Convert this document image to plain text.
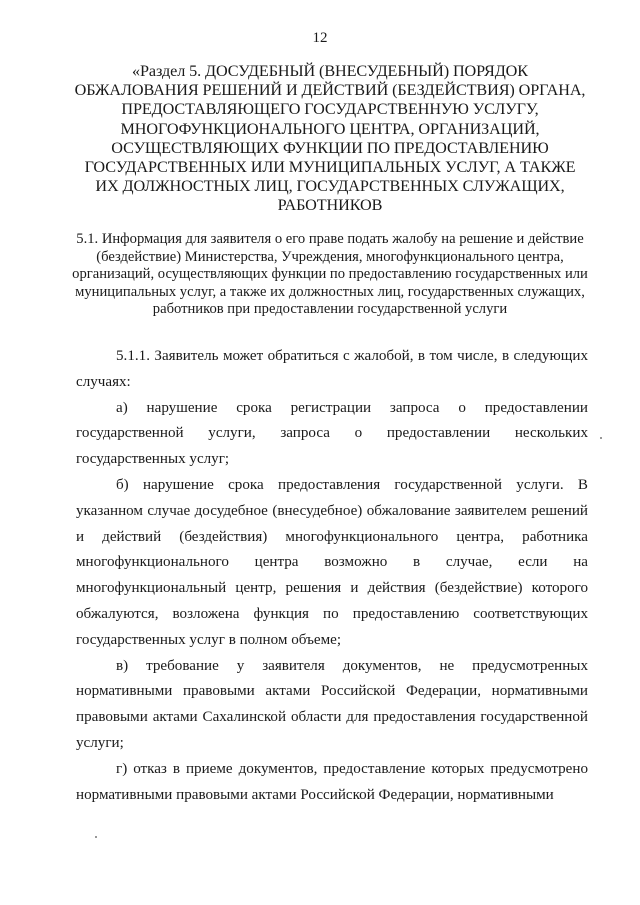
12
«Раздел 5. ДОСУДЕБНЫЙ (ВНЕСУДЕБНЫЙ) ПОРЯДОК ОБЖАЛОВАНИЯ РЕШЕНИЙ И ДЕЙСТВИЙ (БЕЗДЕЙСТВИЯ) ОРГАНА, ПРЕДОСТАВЛЯЮЩЕГО ГОСУДАРСТВЕННУЮ УСЛУГУ, МНОГОФУНКЦИОНАЛЬНОГО ЦЕНТРА, ОРГАНИЗАЦИЙ, ОСУЩЕСТВЛЯЮЩИХ ФУНКЦИИ ПО ПРЕДОСТАВЛЕНИЮ ГОСУДАРСТВЕННЫХ ИЛИ МУНИЦИПАЛЬНЫХ УСЛУГ, А ТАКЖЕ ИХ ДОЛЖНОСТНЫХ ЛИЦ, ГОСУДАРСТВЕННЫХ СЛУЖАЩИХ, РАБОТНИКОВ
5.1. Информация для заявителя о его праве подать жалобу на решение и действие (бездействие) Министерства, Учреждения, многофункционального центра, организаций, осуществляющих функции по предоставлению государственных или муниципальных услуг, а также их должностных лиц, государственных служащих, работников при предоставлении государственной услуги

5.1.1. Заявитель может обратиться с жалобой, в том числе, в следующих случаях:

а) нарушение срока регистрации запроса о предоставлении государственной услуги, запроса о предоставлении нескольких государственных услуг;

б) нарушение срока предоставления государственной услуги. В указанном случае досудебное (внесудебное) обжалование заявителем решений и действий (бездействия) многофункционального центра, работника многофункционального центра возможно в случае, если на многофункциональный центр, решения и действия (бездействие) которого обжалуются, возложена функция по предоставлению соответствующих государственных услуг в полном объеме;

в) требование у заявителя документов, не предусмотренных нормативными правовыми актами Российской Федерации, нормативными правовыми актами Сахалинской области для предоставления государственной услуги;

г) отказ в приеме документов, предоставление которых предусмотрено нормативными правовыми актами Российской Федерации, нормативными
